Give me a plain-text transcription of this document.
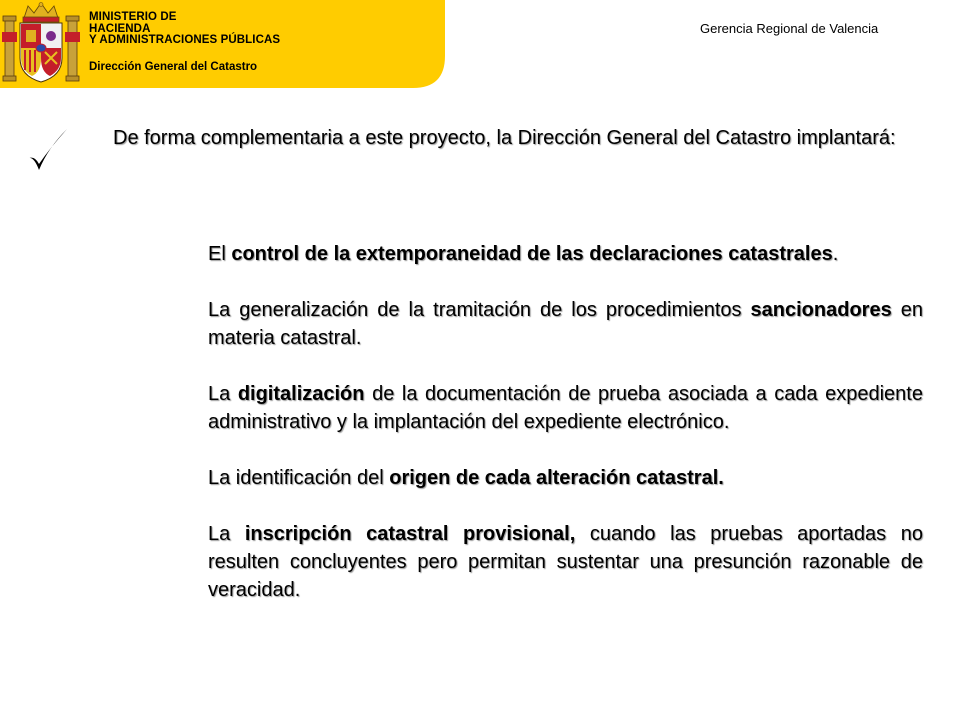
MINISTERIO DE
HACIENDA
Y ADMINISTRACIONES PÚBLICAS
Dirección General del Catastro
Gerencia Regional de Valencia
De forma complementaria a este proyecto, la Dirección General del Catastro implantará:

El control de la extemporaneidad de las declaraciones catastrales.

La generalización de la tramitación de los procedimientos sancionadores en materia catastral.

La digitalización de la documentación de prueba asociada a cada expediente administrativo y la implantación del expediente electrónico.

La identificación del origen de cada alteración catastral.

La inscripción catastral provisional, cuando las pruebas aportadas no resulten concluyentes pero permitan sustentar una presunción razonable de veracidad.
